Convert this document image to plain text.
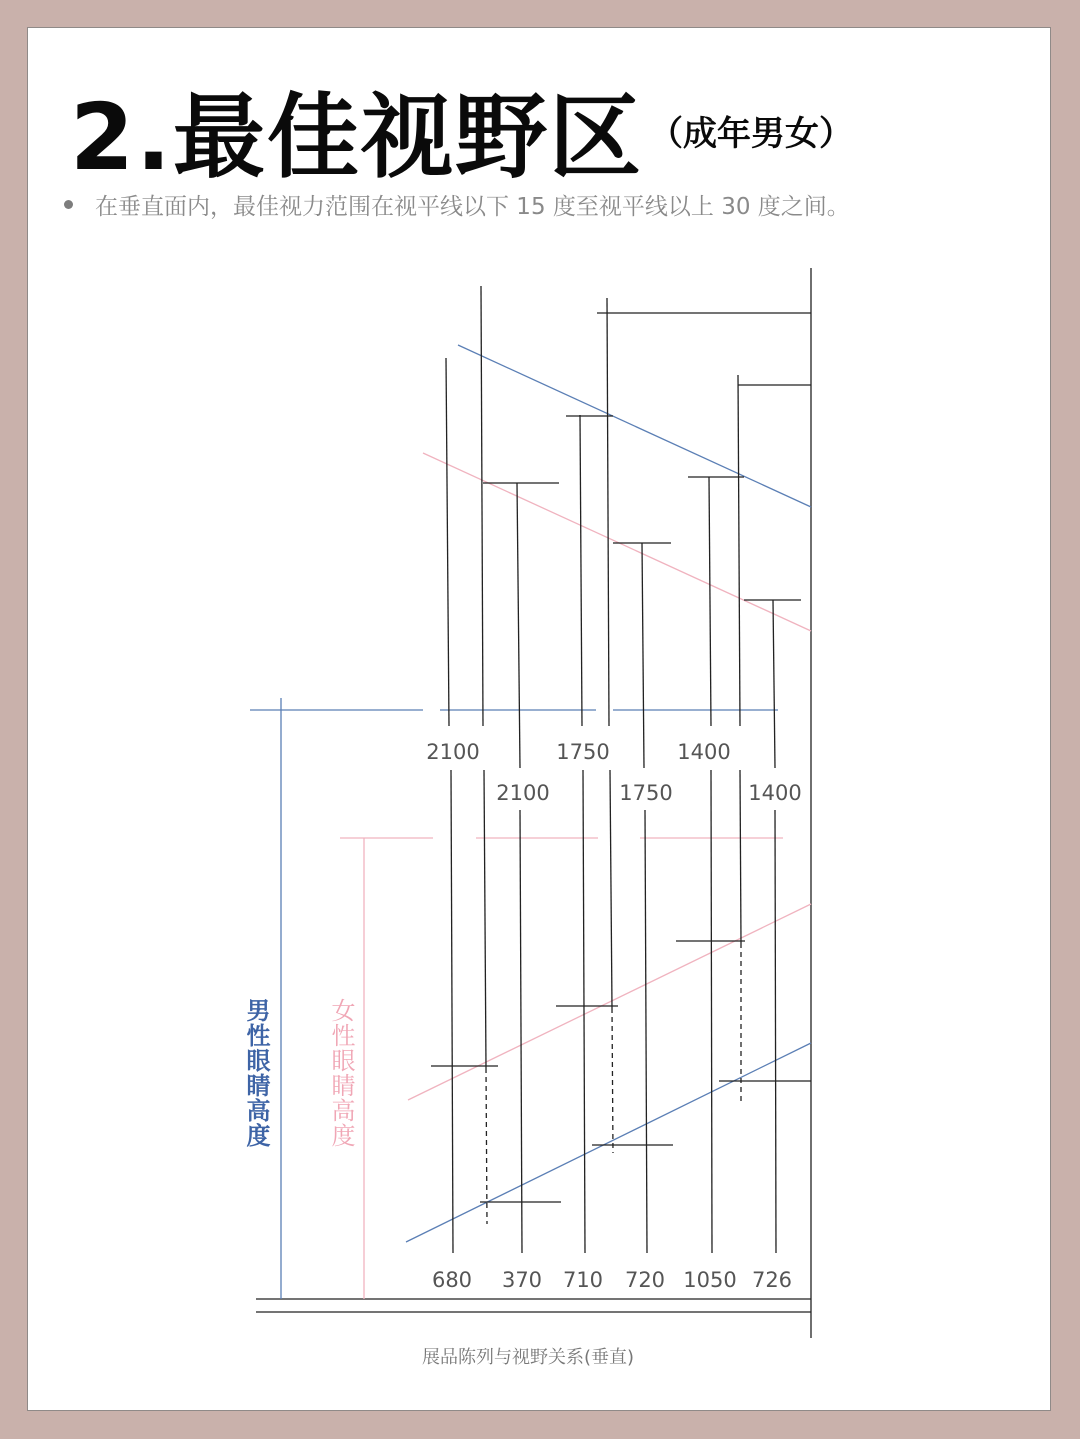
2.最佳视野区 （成年男女）
在垂直面内，最佳视力范围在视平线以下 15 度至视平线以上 30 度之间。
2100
2100
1750
1750
1400
1400
680 370 710 720 1050 726
男性眼睛高度 女性眼睛高度
展品陈列与视野关系(垂直)
